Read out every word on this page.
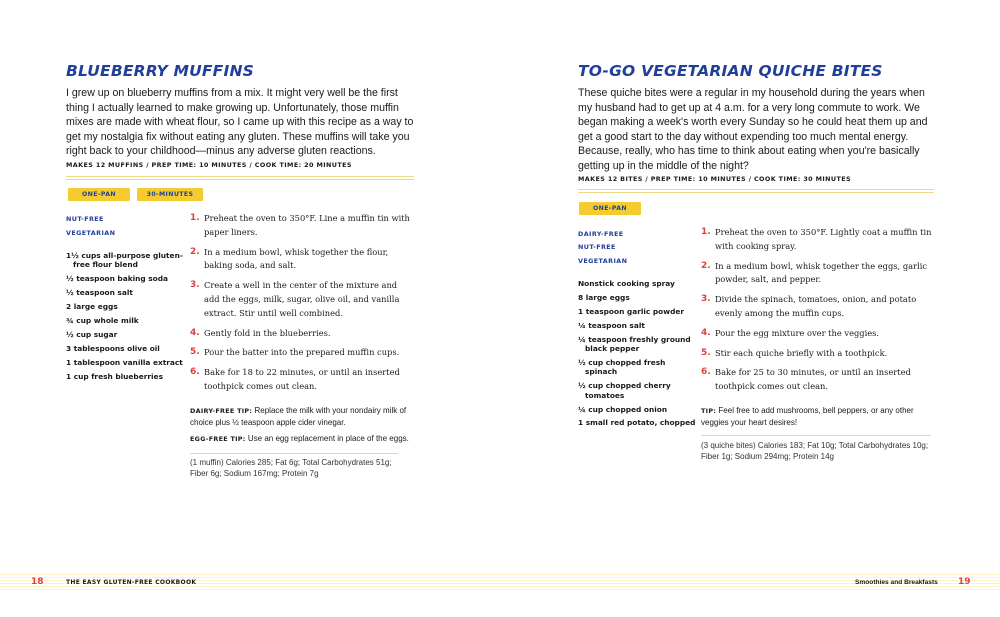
BLUEBERRY MUFFINS

I grew up on blueberry muffins from a mix. It might very well be the first thing I actually learned to make growing up. Unfortunately, those muffin mixes are made with wheat flour, so I came up with this recipe as a way to get my nostalgia fix without eating any gluten. These muffins will take you right back to your childhood—minus any adverse gluten reactions.

MAKES 12 MUFFINS / PREP TIME: 10 MINUTES / COOK TIME: 20 MINUTES

ONE-PAN	30-MINUTES

NUT-FREE

VEGETARIAN

1½ cups all-purpose gluten-free flour blend
½ teaspoon baking soda
½ teaspoon salt
2 large eggs
¾ cup whole milk
½ cup sugar
3 tablespoons olive oil
1 tablespoon vanilla extract
1 cup fresh blueberries
1. Preheat the oven to 350°F. Line a muffin tin with paper liners.
2. In a medium bowl, whisk together the flour, baking soda, and salt.
3. Create a well in the center of the mixture and add the eggs, milk, sugar, olive oil, and vanilla extract. Stir until well combined.
4. Gently fold in the blueberries.
5. Pour the batter into the prepared muffin cups.
6. Bake for 18 to 22 minutes, or until an inserted toothpick comes out clean.

DAIRY-FREE TIP: Replace the milk with your nondairy milk of choice plus ½ teaspoon apple cider vinegar.

EGG-FREE TIP: Use an egg replacement in place of the eggs.

(1 muffin) Calories 285; Fat 6g; Total Carbohydrates 51g; Fiber 6g; Sodium 167mg; Protein 7g

TO-GO VEGETARIAN QUICHE BITES

These quiche bites were a regular in my household during the years when my husband had to get up at 4 a.m. for a very long commute to work. We began making a week's worth every Sunday so he could heat them up and get a good start to the day without expending too much mental energy. Because, really, who has time to think about eating when you're basically getting up in the middle of the night?

MAKES 12 BITES / PREP TIME: 10 MINUTES / COOK TIME: 30 MINUTES

ONE-PAN

DAIRY-FREE

NUT-FREE

VEGETARIAN

Nonstick cooking spray
8 large eggs
1 teaspoon garlic powder
¼ teaspoon salt
¼ teaspoon freshly ground black pepper
½ cup chopped fresh spinach
½ cup chopped cherry tomatoes
¼ cup chopped onion
1 small red potato, chopped
1. Preheat the oven to 350°F. Lightly coat a muffin tin with cooking spray.
2. In a medium bowl, whisk together the eggs, garlic powder, salt, and pepper.
3. Divide the spinach, tomatoes, onion, and potato evenly among the muffin cups.
4. Pour the egg mixture over the veggies.
5. Stir each quiche briefly with a toothpick.
6. Bake for 25 to 30 minutes, or until an inserted toothpick comes out clean.

TIP: Feel free to add mushrooms, bell peppers, or any other veggies your heart desires!

(3 quiche bites) Calories 183; Fat 10g; Total Carbohydrates 10g; Fiber 1g; Sodium 294mg; Protein 14g

18	THE EASY GLUTEN-FREE COOKBOOK	Smoothies and Breakfasts 19
